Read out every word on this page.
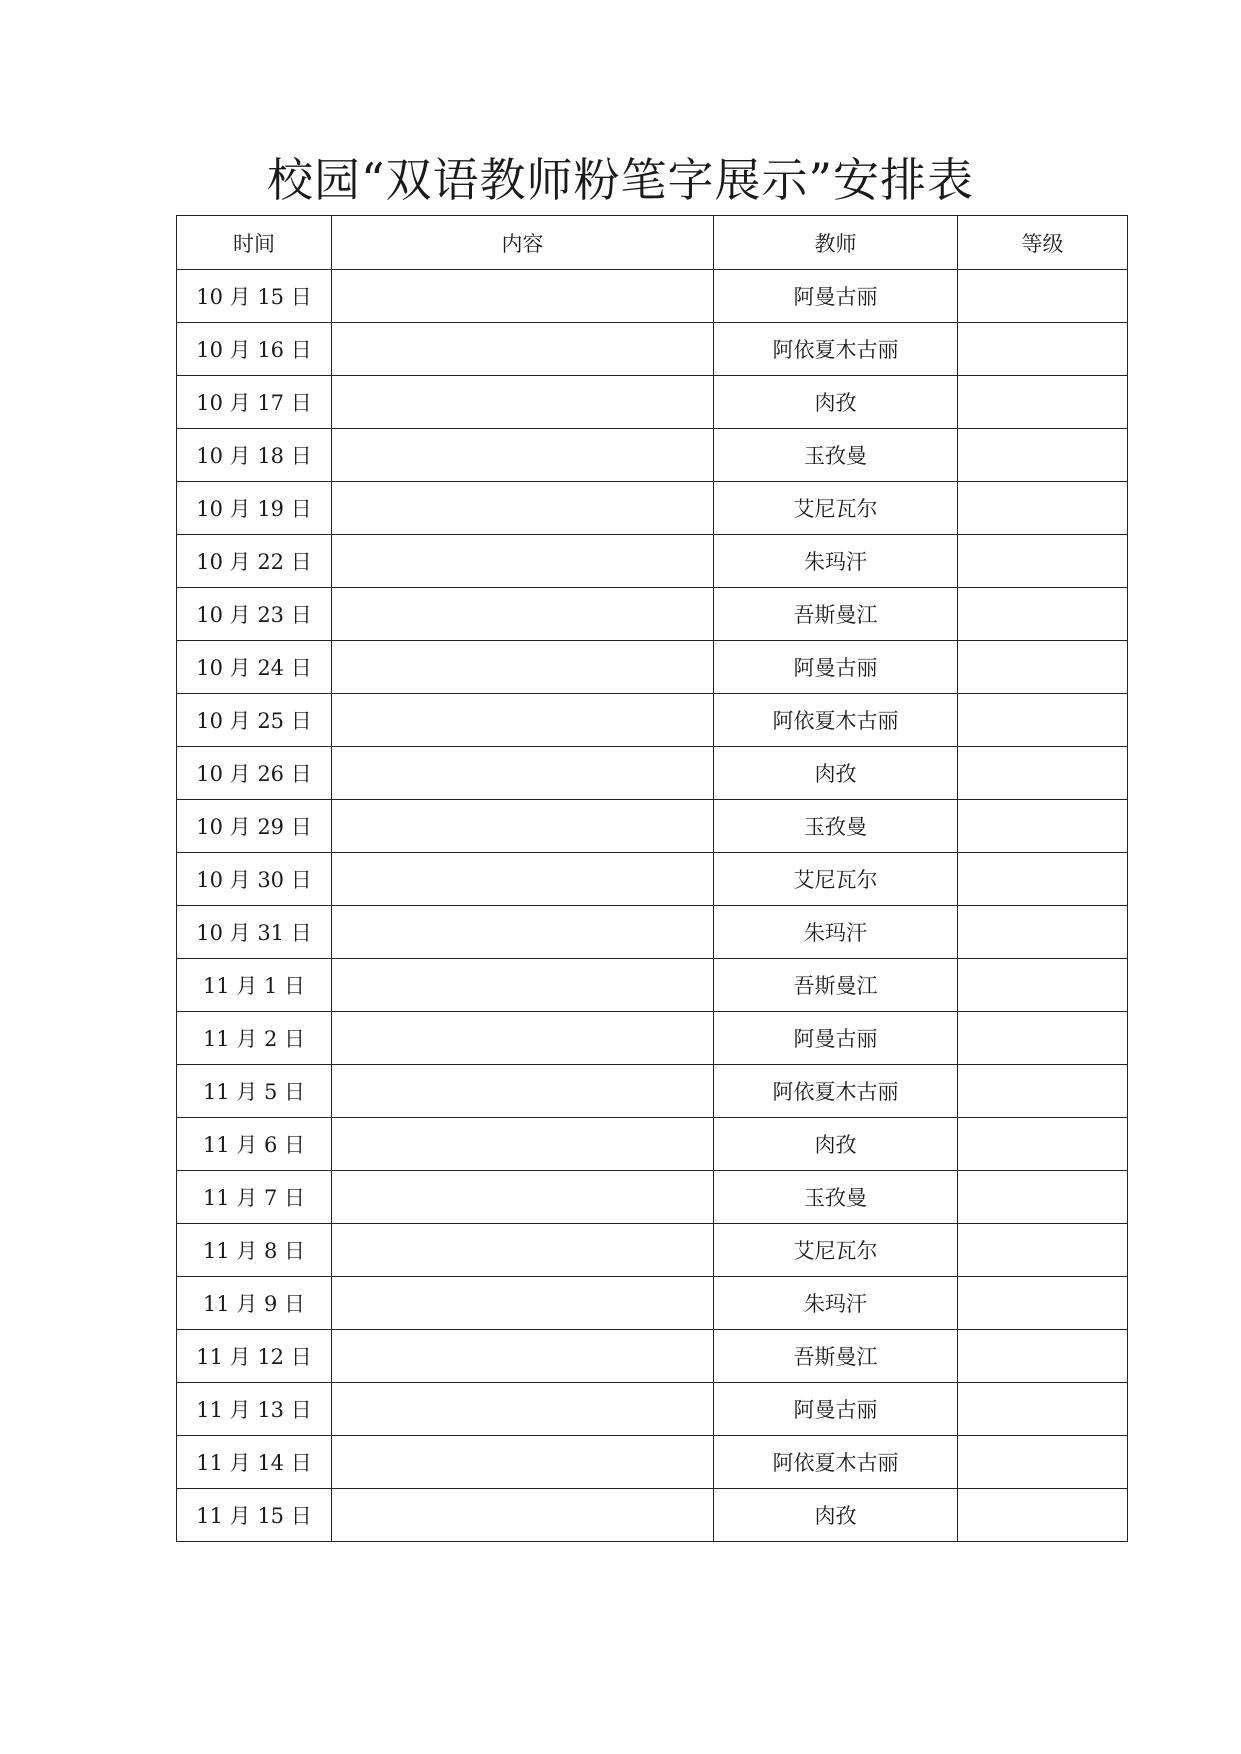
校园“双语教师粉笔字展示”安排表
时间	内容	教师	等级
10 月 15 日		阿曼古丽	
10 月 16 日		阿依夏木古丽	
10 月 17 日		肉孜	
10 月 18 日		玉孜曼	
10 月 19 日		艾尼瓦尔	
10 月 22 日		朱玛汗	
10 月 23 日		吾斯曼江	
10 月 24 日		阿曼古丽	
10 月 25 日		阿依夏木古丽	
10 月 26 日		肉孜	
10 月 29 日		玉孜曼	
10 月 30 日		艾尼瓦尔	
10 月 31 日		朱玛汗	
11 月 1 日		吾斯曼江	
11 月 2 日		阿曼古丽	
11 月 5 日		阿依夏木古丽	
11 月 6 日		肉孜	
11 月 7 日		玉孜曼	
11 月 8 日		艾尼瓦尔	
11 月 9 日		朱玛汗	
11 月 12 日		吾斯曼江	
11 月 13 日		阿曼古丽	
11 月 14 日		阿依夏木古丽	
11 月 15 日		肉孜	
